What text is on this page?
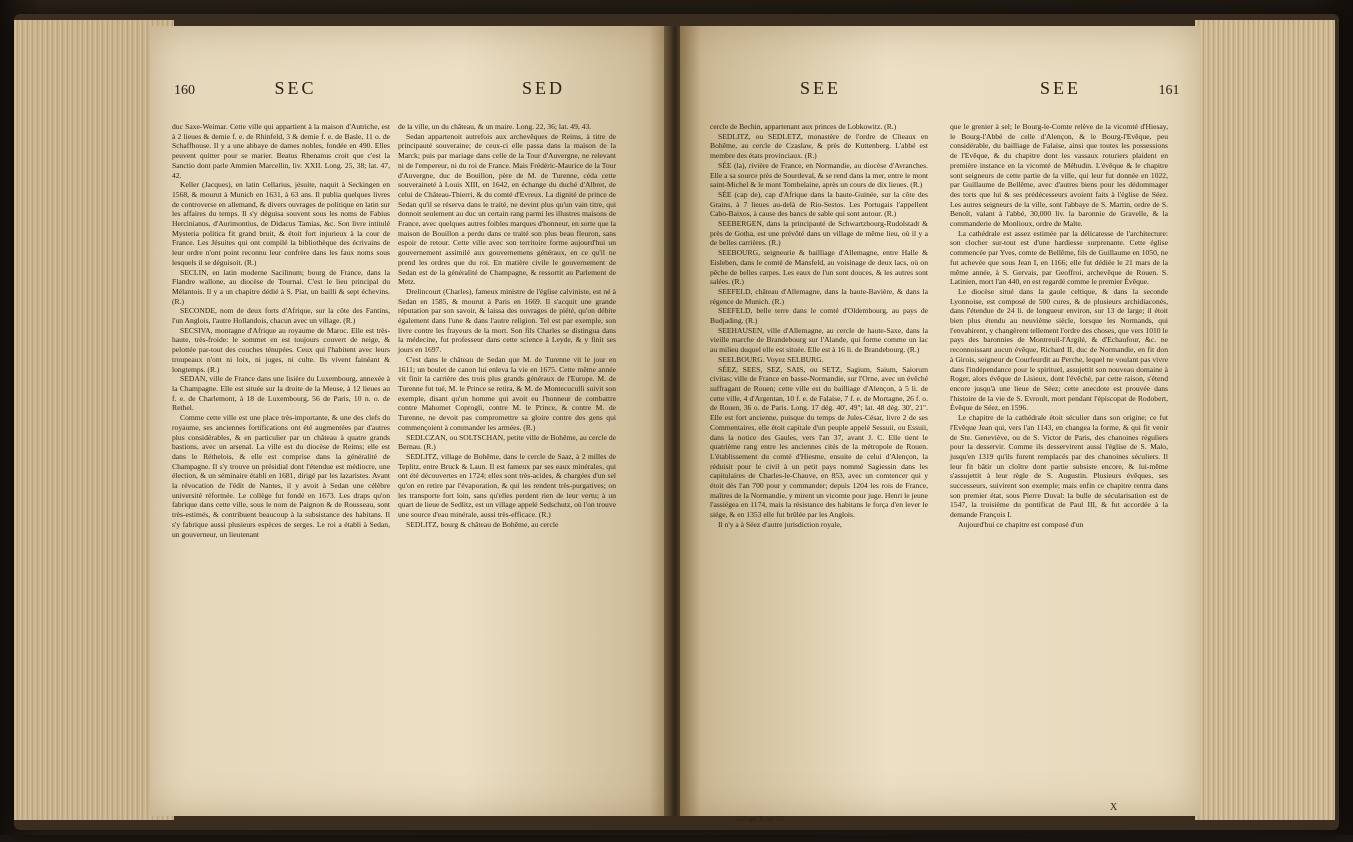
160	SEC	SED

duc Saxe-Weimar. Cette ville qui appartient à la maison d'Autriche, est à 2 lieues & demie f. e. de Rhinfeld, 3 & demie f. e. de Basle, 11 o. de Schaffhouse. Il y a une abbaye de dames nobles, fondée en 490. Elles peuvent quitter pour se marier. Beatus Rhenanus croit que c'est la Sanctio dont parle Ammien Marcellin, liv. XXII. Long. 25, 38; lat. 47, 42.

Keller (Jacques), en latin Cellarius, jésuite, naquit à Seckingen en 1568, & mourut à Munich en 1631, à 63 ans. Il publia quelques livres de controverse en allemand, & divers ouvrages de politique en latin sur les affaires du temps. Il s'y déguisa souvent sous les noms de Fabius Hercinianus, d'Aurimontius, de Didacus Tamias, &c. Son livre intitulé Mysteria politica fit grand bruit, & étoit fort injurieux à la cour de France. Les Jésuites qui ont compilé la bibliothèque des écrivains de leur ordre n'ont point reconnu leur confrère dans les faux noms sous lesquels il se déguisoit. (R.)

SECLIN, en latin moderne Sacilinum; bourg de France, dans la Flandre wallone, au diocèse de Tournai. C'est le lieu principal du Mélantois. Il y a un chapitre dédié à S. Piat, un bailli & sept échevins. (R.)

SECONDE, nom de deux forts d'Afrique, sur la côte des Fantins, l'un Anglois, l'autre Hollandois, chacun avec un village. (R.)

SECSIVA, montagne d'Afrique au royaume de Maroc. Elle est très-haute, très-froide: le sommet en est toujours couvert de neige, & pelottée par-tout des couches ténupées. Ceux qui l'habitent avec leurs troupeaux n'ont ni loix, ni juges, ni culte. Ils vivent fainéant & longtemps. (R.)

SEDAN, ville de France dans une lisière du Luxembourg, annexée à la Champagne. Elle est située sur la droite de la Meuse, à 12 lieues au f. e. de Charlemont, à 18 de Luxembourg, 56 de Paris, 10 n. o. de Rethel.

Comme cette ville est une place très-importante, & une des clefs du royaume, ses anciennes fortifications ont été augmentées par d'autres plus considérables, & en particulier par un château à quatre grands bastions, avec un arsenal. La ville est du diocèse de Reims; elle est dans le Réthelois, & elle est comprise dans la généralité de Champagne. Il s'y trouve un présidial dont l'étendue est médiocre, une élection, & un séminaire établi en 1681, dirigé par les lazaristes. Avant la révocation de l'édit de Nantes, il y avoit à Sedan une célèbre université réformée. Le collège fut fondé en 1673. Les draps qu'on fabrique dans cette ville, sous le nom de Paignon & de Rousseau, sont très-estimés, & contribuent beaucoup à la subsistance des habitans. Il s'y fabrique aussi plusieurs espèces de serges. Le roi a établi à Sedan, un gouverneur, un lieutenant

de la ville, un du château, & un maire. Long. 22, 36; lat. 49, 43.

Sedan appartenoit autrefois aux archevêques de Reims, à titre de principauté souveraine; de ceux-ci elle passa dans la maison de la Marck; puis par mariage dans celle de la Tour d'Auvergne, ne relevant ni de l'empereur, ni du roi de France. Mais Frédéric-Maurice de la Tour d'Auvergne, duc de Bouillon, père de M. de Turenne, céda cette souveraineté à Louis XIII, en 1642, en échange du duché d'Albret, de celui de Château-Thierri, & du comté d'Evreux. La dignité de prince de Sedan qu'il se réserva dans le traité, ne devint plus qu'un vain titre, qui donnoit seulement au duc un certain rang parmi les illustres maisons de France, avec quelques autres foibles marques d'honneur, en sorte que la maison de Bouillon a perdu dans ce traité son plus beau fleuron, sans espoir de retour. Cette ville avec son territoire forme aujourd'hui un gouvernement assimilé aux gouvernemens généraux, en ce qu'il ne prend les ordres que du roi. En matière civile le gouvernement de Sedan est de la généralité de Champagne, & ressortit au Parlement de Metz.

Drelincourt (Charles), fameux ministre de l'église calviniste, est né à Sedan en 1585, & mourut à Paris en 1669. Il s'acquit une grande réputation par son savoir, & laissa des ouvrages de piété, qu'on débite également dans l'une & dans l'autre religion. Tel est par exemple, son livre contre les frayeurs de la mort. Son fils Charles se distingua dans la médecine, fut professeur dans cette science à Leyde, & y finit ses jours en 1697.

C'est dans le château de Sedan que M. de Turenne vit le jour en 1611; un boulet de canon lui enleva la vie en 1675. Cette même année vit finir la carrière des trois plus grands généraux de l'Europe. M. de Turenne fut tué, M. le Prince se retira, & M. de Montecuculli suivit son exemple, disant qu'un homme qui avoit eu l'honneur de combattre contre Mahomet Coprogli, contre M. le Prince, & contre M. de Turenne, ne devoit pas compromettre sa gloire contre des gens qui commençoient à commander les armées. (R.)

SEDLCZAN, ou SOLTSCHAN, petite ville de Bohême, au cercle de Bernau. (R.)

SEDLITZ, village de Bohême, dans le cercle de Saaz, à 2 milles de Teplitz, entre Bruck & Laun. Il est fameux par ses eaux minérales, qui ont été découvertes en 1724; elles sont très-acides, & chargées d'un sel qu'on en retire par l'évaporation, & qui les rendent très-purgatives; on les transporte fort loin, sans qu'elles perdent rien de leur vertu; à un quart de lieue de Sedlitz, est un village appelé Sedschutz, où l'on trouve une source d'eau minérale, aussi très-efficace. (R.)

SEDLITZ, bourg & château de Bohême, au cercle

SEE	SEE	161

cercle de Bechin, appartenant aux princes de Lobkowitz. (R.)

SEDLITZ, ou SEDLETZ, monastère de l'ordre de Cîteaux en Bohême, au cercle de Czaslaw, & près de Kuttenberg. L'abbé est membre des états provinciaux. (R.)

SÉE (la), rivière de France, en Normandie, au diocèse d'Avranches. Elle a sa source près de Sourdeval, & se rend dans la mer, entre le mont saint-Michel & le mont Tombelaine, après un cours de dix lieues. (R.)

SÉE (cap de), cap d'Afrique dans la haute-Guinée, sur la côte des Grains, à 7 lieues au-delà de Rio-Sestos. Les Portugais l'appellent Cabo-Baixos, à cause des bancs de sable qui sont autour. (R.)

SEEBERGEN, dans la principauté de Schwartzbourg-Rudolstadt & près de Gotha, est une prévôté dans un village de même lieu, où il y a de belles carrières. (R.)

SEEBOURG, seigneurie & bailliage d'Allemagne, entre Halle & Eisleben, dans le comté de Mansfeld, au voisinage de deux lacs, où on pêche de belles carpes. Les eaux de l'un sont douces, & les autres sont salées. (R.)

SEEFELD, château d'Allemagne, dans la haute-Bavière, & dans la régence de Munich. (R.)

SEEFELD, belle terre dans le comté d'Oldembourg, au pays de Budjading. (R.)

SEEHAUSEN, ville d'Allemagne, au cercle de haute-Saxe, dans la vieille marche de Brandebourg sur l'Alande, qui forme comme un lac au milieu duquel elle est située. Elle est à 16 li. de Brandebourg. (R.)

SEELBOURG. Voyez SELBURG.

SÉEZ, SEES, SEZ, SAIS, ou SETZ, Sagium, Saium, Saiorum civitas; ville de France en basse-Normandie, sur l'Orne, avec un évêché suffragant de Rouen; cette ville est du bailliage d'Alençon, à 5 li. de cette ville, 4 d'Argentan, 10 f. e. de Falaise, 7 f. e. de Mortagne, 26 f. o. de Rouen, 36 o. de Paris. Long. 17 dég. 40', 49"; lat. 48 dég. 30', 21". Elle est fort ancienne, puisque du temps de Jules-César, livre 2 de ses Commentaires, elle étoit capitale d'un peuple appelé Sessuii, ou Essuii, dans la notice des Gaules, vers l'an 37, avant J. C. Elle tient le quatrième rang entre les anciennes cités de la métropole de Rouen. L'établissement du comté d'Hiesme, ensuite de celui d'Alençon, la réduisit pour le civil à un petit pays nommé Sagiessin dans les capitulaires de Charles-le-Chauve, en 853, avec un comtencer qui y étoit dès l'an 700 pour y commander; depuis 1204 les rois de France, maîtres de la Normandie, y mirent un vicomte pour juge. Henri le jeune l'assiégea en 1174, mais la résistance des habitans le força d'en lever le siége, & en 1353 elle fut brûlée par les Anglois.

Il n'y a à Séez d'autre jurisdiction royale,

Géogr. Tome III.

que le grenier à sel; le Bourg-le-Comte relève de la vicomté d'Hiesay, le Bourg-l'Abbé de celle d'Alençon, & le Bourg-l'Evêque, peu considérable, du bailliage de Falaise, ainsi que toutes les possessions de l'Evêque, & du chapitre dont les vassaux roturiers plaident en première instance en la vicomté de Méhudin. L'évêque & le chapitre sont seigneurs de cette partie de la ville, qui leur fut donnée en 1022, par Guillaume de Bellême, avec d'autres biens pour les dédommager des torts que lui & ses prédécesseurs avoient faits à l'église de Séez. Les autres seigneurs de la ville, sont l'abbaye de S. Martin, ordre de S. Benoît, valant à l'abbé, 30,000 liv. la baronnie de Gravelle, & la commanderie de Monlioux, ordre de Malte.

La cathédrale est assez estimée par la délicatesse de l'architecture: son clocher sur-tout est d'une hardiesse surprenante. Cette église commencée par Yves, comte de Bellême, fils de Guillaume en 1050, ne fut achevée que sous Jean I, en 1166; elle fut dédiée le 21 mars de la même année, à S. Gervais, par Geoffroi, archevêque de Rouen. S. Latinien, mort l'an 440, en est regardé comme le premier Évêque.

Le diocèse situé dans la gaule celtique, & dans la seconde Lyonnoise, est composé de 500 cures, & de plusieurs archidiaconés, dans l'étendue de 24 li. de longueur environ, sur 13 de large; il étoit bien plus étendu au neuvième siècle, lorsque les Normands, qui l'envahirent, y changèrent tellement l'ordre des choses, que vers 1010 le pays des baronnies de Montreuil-l'Argilé, & d'Echaufour, &c. ne reconnoissant aucun évêque, Richard II, duc de Normandie, en fit don à Girois, seigneur de Courfeurdit au Perche, lequel ne voulant pas vivre dans l'indépendance pour le spirituel, assujettit son nouveau domaine à Roger, alors évêque de Lisieux, dont l'évêché, par cette raison, s'étend encore jusqu'à une lieue de Séez; cette anecdote est prouvée dans l'histoire de la vie de S. Evroult, mort pendant l'épiscopat de Rodobert, Évêque de Séez, en 1596.

Le chapitre de la cathédrale étoit séculier dans son origine; ce fut l'Evêque Jean qui, vers l'an 1143, en changea la forme, & qui fit venir de Ste. Geneviève, ou de S. Victor de Paris, des chanoines réguliers pour la desservir. Comme ils desservirent aussi l'église de S. Malo, jusqu'en 1319 qu'ils furent remplacés par des chanoines séculiers. Il leur fit bâtir un cloître dont partie subsiste encore, & lui-même s'assujettit à leur règle de S. Augustin. Plusieurs évêques, ses successeurs, suivirent son exemple; mais enfin ce chapitre rentra dans son premier état, sous Pierre Duval: la bulle de sécularisation est de 1547, la troisième du pontificat de Paul III, & fut accordée à la demande François I.

Aujourd'hui ce chapitre est composé d'un

X
